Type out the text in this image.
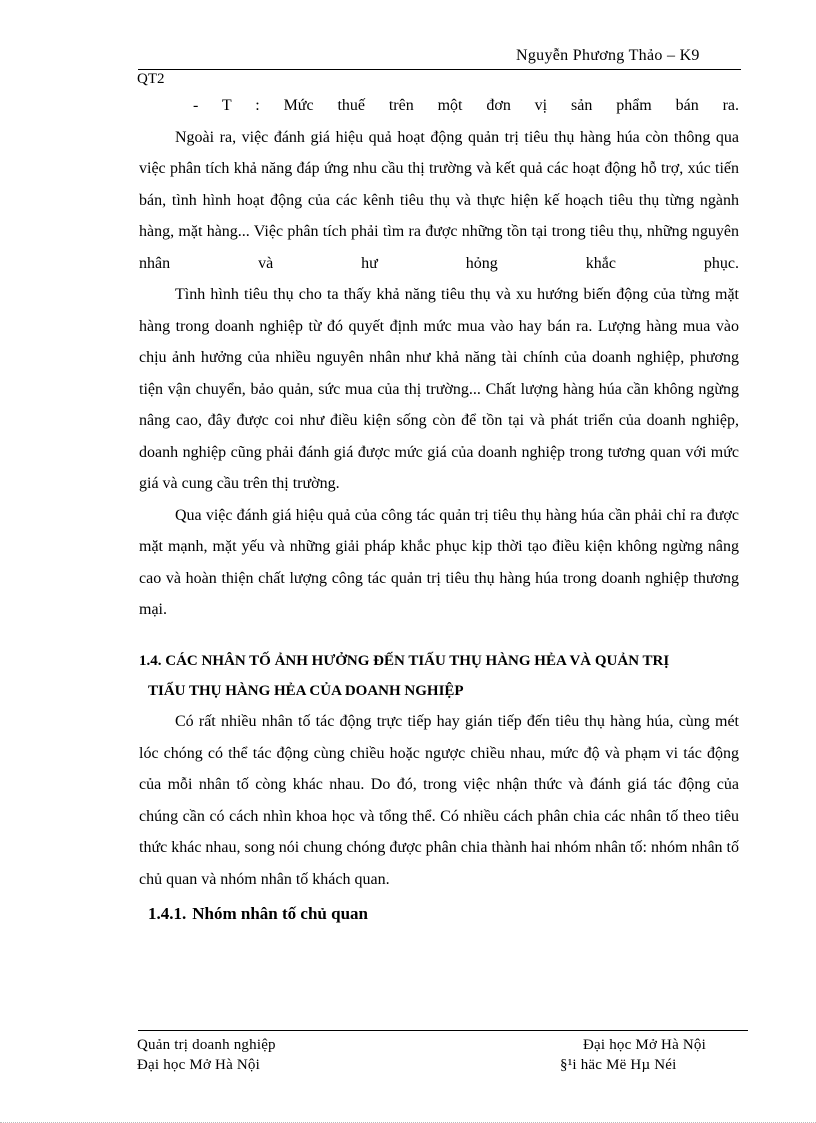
Nguyễn Phương Thảo – K9
QT2

- T : Mức thuế trên một đơn vị sản phẩm bán ra.

Ngoài ra, việc đánh giá hiệu quả hoạt động quản trị tiêu thụ hàng húa còn thông qua việc phân tích khả năng đáp ứng nhu cầu thị trường và kết quả các hoạt động hỗ trợ, xúc tiến bán, tình hình hoạt động của các kênh tiêu thụ và thực hiện kế hoạch tiêu thụ từng ngành hàng, mặt hàng... Việc phân tích phải tìm ra được những tồn tại trong tiêu thụ, những nguyên nhân và hư hỏng khắc phục.

Tình hình tiêu thụ cho ta thấy khả năng tiêu thụ và xu hướng biến động của từng mặt hàng trong doanh nghiệp từ đó quyết định mức mua vào hay bán ra. Lượng hàng mua vào chịu ảnh hưởng của nhiều nguyên nhân như khả năng tài chính của doanh nghiệp, phương tiện vận chuyển, bảo quản, sức mua của thị trường... Chất lượng hàng húa cần không ngừng nâng cao, đây được coi như điều kiện sống còn để tồn tại và phát triển của doanh nghiệp, doanh nghiệp cũng phải đánh giá được mức giá của doanh nghiệp trong tương quan với mức giá và cung cầu trên thị trường.

Qua việc đánh giá hiệu quả của công tác quản trị tiêu thụ hàng húa cần phải chỉ ra được mặt mạnh, mặt yếu và những giải pháp khắc phục kịp thời tạo điều kiện không ngừng nâng cao và hoàn thiện chất lượng công tác quản trị tiêu thụ hàng húa trong doanh nghiệp thương mại.

1.4. CÁC NHÂN TỐ ẢNH HƯỞNG ĐẾN TIẤU THỤ HÀNG HẺA VÀ QUẢN TRỊ
TIẤU THỤ HÀNG HẺA CỦA DOANH NGHIỆP

Có rất nhiều nhân tố tác động trực tiếp hay gián tiếp đến tiêu thụ hàng húa, cùng mét lóc chóng có thể tác động cùng chiều hoặc ngược chiều nhau, mức độ và phạm vi tác động của mỗi nhân tố còng khác nhau. Do đó, trong việc nhận thức và đánh giá tác động của chúng cần có cách nhìn khoa học và tổng thể. Có nhiều cách phân chia các nhân tố theo tiêu thức khác nhau, song nói chung chóng được phân chia thành hai nhóm nhân tố: nhóm nhân tố chủ quan và nhóm nhân tố khách quan.

1.4.1. Nhóm nhân tố chủ quan
Quản trị doanh nghiệp
Đại học Mở Hà Nội
Đại học Mở Hà Nội
§¹i häc Më Hµ Néi
